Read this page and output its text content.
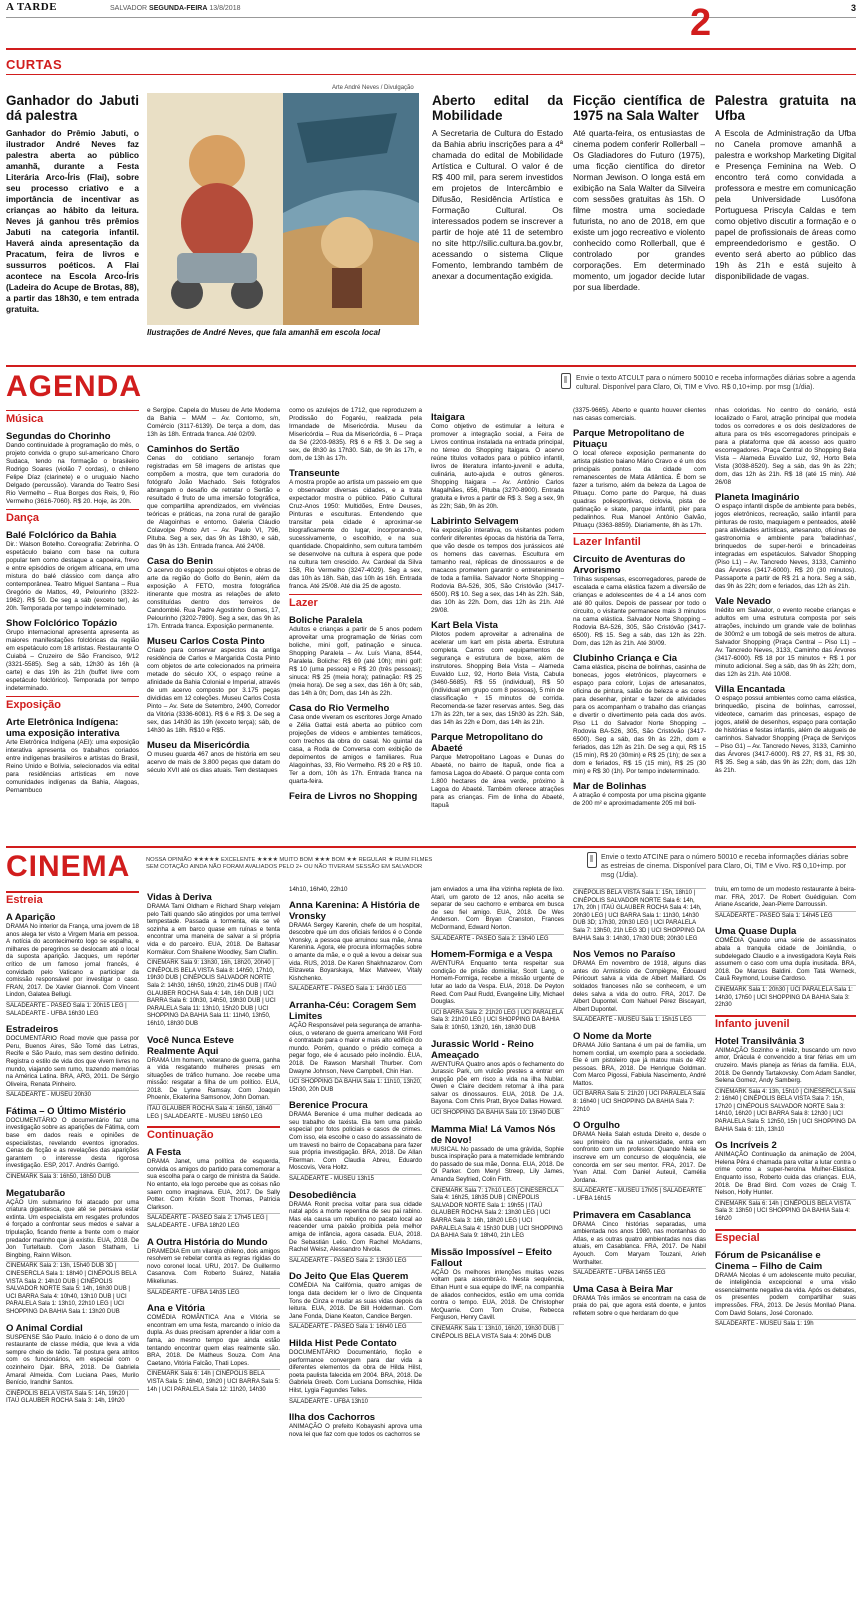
A TARDE	SALVADOR SEGUNDA-FEIRA 13/8/2018	3
2
CURTAS
Ganhador do Jabuti dá palestra
Ganhador do Prêmio Jabuti, o ilustrador André Neves faz palestra aberta ao público amanhã, durante a Festa Literária Arco-Íris (Flai), sobre seu processo criativo e a importância de incentivar as crianças ao hábito da leitura. Neves já ganhou três prêmios Jabuti na categoria infantil. Haverá ainda apresentação da Pracatum, feira de livros e sussurros poéticos. A Flai acontece na Escola Arco-Íris (Ladeira do Acupe de Brotas, 88), a partir das 18h30, e tem entrada gratuita.
Arte André Neves / Divulgação
Ilustrações de André Neves, que fala amanhã em escola local
Aberto edital da Mobilidade
A Secretaria de Cultura do Estado da Bahia abriu inscrições para a 4ª chamada do edital de Mobilidade Artística e Cultural. O valor é de R$ 400 mil, para serem investidos em projetos de Intercâmbio e Difusão, Residência Artística e Formação Cultural. Os interessados podem se inscrever a partir de hoje até 11 de setembro no site http://silic.cultura.ba.gov.br, acessando o sistema Clique Fomento, lembrando também de anexar a documentação exigida.
Ficção científica de 1975 na Sala Walter
Até quarta-feira, os entusiastas de cinema podem conferir Rollerball – Os Gladiadores do Futuro (1975), uma ficção científica do diretor Norman Jewison. O longa está em exibição na Sala Walter da Silveira com sessões gratuitas às 15h. O filme mostra uma sociedade futurista, no ano de 2018, em que existe um jogo recreativo e violento conhecido como Rollerball, que é controlado por grandes corporações. Em determinado momento, um jogador decide lutar por sua liberdade.
Palestra gratuita na Ufba
A Escola de Administração da Ufba no Canela promove amanhã a palestra e workshop Marketing Digital e Presença Feminina na Web. O encontro terá como convidada a professora e mestre em comunicação pela Universidade Lusófona Portuguesa Priscyla Caldas e tem como objetivo discutir a formação e o papel de profissionais de áreas como empreendedorismo e gestão. O evento será aberto ao público das 19h às 21h e está sujeito à disponibilidade de vagas.
AGENDA	Envie o texto ATCULT para o número 50010 e receba informações diárias sobre a agenda cultural. Disponível para Claro, Oi, TIM e Vivo. R$ 0,10+imp. por msg (1/dia).
Música
Segundas do Chorinho
Dando continuidade à programação do mês, o projeto convida o grupo sul-americano Choro Sudaca, tendo na formação o brasileiro Rodrigo Soares (violão 7 cordas), o chileno Felipe Díaz (clarinete) e o uruguaio Nacho Delgado (percussão). Varanda do Teatro Sesi Rio Vermelho – Rua Borges dos Reis, 9, Rio Vermelho (3616-7060). R$ 20. Hoje, às 20h.
Dança
Balé Folclórico da Bahia
Dir.: Walson Botelho. Coreografia: Zebrinha. O espetáculo baiano com base na cultura popular tem como destaque a capoeira, frevo e entre episódios de origem africana, em uma mistura do balé clássico com dança afro contemporânea. Teatro Miguel Santana – Rua Gregório de Mattos, 49, Pelourinho (3322-1962). R$ 50. De seg a sáb (exceto ter), às 20h. Temporada por tempo indeterminado.
Show Folclórico Topázio
Grupo internacional apresenta apresenta as maiores manifestações folclóricas da região em espetáculo com 18 artistas. Restaurante O Cuiabá – Cruzeiro de São Francisco, 9/12 (3321-5585). Seg a sáb, 12h30 às 16h (à carte) e das 19h às 21h (buffet livre com espetáculo folclórico). Temporada por tempo indeterminado.
Exposição
Arte Eletrônica Indígena: uma exposição interativa
Arte Eletrônica Indígena (AEI): uma exposição interativa apresenta os trabalhos coriados entre indígenas brasileiros e artistas do Brasil, Reino Unido e Bolívia, selecionados via edital para residências artísticas em nove comunidades indígenas da Bahia, Alagoas, Pernambuco
e Sergipe. Capela do Museu de Arte Moderna da Bahia – MAM – Av. Contorno, s/n, Comércio (3117-6139). De terça a dom, das 13h às 18h. Entrada franca. Até 02/09.
Caminhos do Sertão
Cenas do cotidiano sertanejo foram registradas em 58 imagens de artistas que compõem a mostra, que tem curadoria do fotógrafo João Machado. Seis fotógrafos abrangam o desafio de retratar o Sertão e resultado é fruto de uma imersão fotográfica, que compartilha aprendizados, em vivências teóricas e práticas, na zona rural de garajão de Alagoinhas e entorno. Galeria Cláudio Colavolpe Photo Art – Av. Paulo VI, 796, Pituba. Seg a sex, das 9h às 18h30, e sáb, das 9h às 13h. Entrada franca. Até 24/08.
Casa do Benin
O acervo do espaço possui objetos e obras de arte da região do Golfo do Benin, além da exposição A FETO, mostra fotográfica itinerante que mostra as relações de afeto constituídas dentro dos terreiros de Candomblé. Rua Padre Agostinho Gomes, 17, Pelourinho (3202-7890). Seg a sex, das 9h às 17h. Entrada franca. Exposição permanente.
Museu Carlos Costa Pinto
Criado para conservar aspectos da antiga residência de Carlos e Margarida Costa Pinto com objetos de arte colecionados na primeira metade do século XX, o espaço reúne a afinidade da Bahia Colonial e Imperial, através de um acervo composto por 3.175 peças divididas em 12 coleções. Museu Carlos Costa Pinto – Av. Sete de Setembro, 2490, Corredor da Vitória (3336-6081). R$ 6 e R$ 3. De seg a sex, das 14h30 às 19h (exceto terça); sáb, de 14h30 às 18h. R$10 e R$5.
Museu da Misericórdia
O museu guarda 467 anos de história em seu acervo de mais de 3.800 peças que datam do século XVII até os dias atuais. Tem destaques
como os azulejos de 1712, que reproduzem a Prodissão do Fogaréu, realizada pela Irmandade de Misericórdia. Museu da Misericórdia – Rua da Misericórdia, 6 – Praça da Sé (2203-9835). R$ 6 e R$ 3. De seg a sex, de 8h30 às 17h30. Sáb, de 9h às 17h, e dom, de 13h às 17h.
Transeunte
A mostra propõe ao artista um passeio em que o observador diversas cidades, e a trata expectador mostra o público. Pátio Cultural Cruz-Anos 1950: Multidões, Entre Deuses, Pinturas e esculturas. Entendendo que transitar pela cidade é aproximar-se biograficamente do lugar, incorporando-o, sucessivamente, o escolhido, e na sua quantidade. Chopaldinho, sem cultura também se desenvolve na cultura à espera que pode na cultura tem crescido. Av. Cardeal da Silva 158, Rio Vermelho (3247-4029). Seg a sex, das 10h às 18h. Sáb, das 10h às 16h. Entrada franca. Até 25/08. Até dia 25 de agosto.
Lazer
Boliche Paralela
Adultos e crianças a partir de 5 anos podem aproveitar uma programação de férias com boliche, mini golf, patinação e sinuca. Shopping Paralela – Av. Luís Viana, 8544, Paralela. Boliche: R$ 69 (até 10h); mini golf: R$ 10 (uma pessoa) e R$ 20 (três pessoas); sinuca: R$ 25 (meia hora); patinação: R$ 25 (meia hora). De seg a sex, das 16h à 0h; sáb, das 14h à 0h; Dom, das 14h às 22h.
Casa do Rio Vermelho
Casa onde viveram os escritores Jorge Amado e Zélia Gattai está aberta ao público com projeções de vídeos e ambientes temáticos, com trechos da obra do casal. No quintal da casa, a Roda de Conversa com exibição de depoimentos de amigos e familiares. Rua Alagoinhas, 33, Rio Vermelho. R$ 20 e R$ 10. Ter a dom, 10h às 17h. Entrada franca na quarta-feira.
Feira de Livros no Shopping
Itaigara
Como objetivo de estimular a leitura e promover a integração social, a Feira de Livros continua instalada na entrada principal, no térreo do Shopping Itaigara. O acervo reúne títulos voltados para o público infantil, livros de literatura infanto-juvenil e adulta, culinária, auto-ajuda e outros gêneros. Shopping Itaigara – Av. Antônio Carlos Magalhães, 656, Pituba (3270-8900). Entrada gratuita e livros a partir de R$ 3. Seg a sex, 9h às 22h; Sáb, 9h às 20h.
Labirinto Selvagem
Na exposição interativa, os visitantes podem conferir diferentes épocas da história da Terra, que vão desde os tempos dos jurássicos até os homens das cavernas. Escultura em tamanho real, réplicas de dinossauros e de macacos prometem garantir o entretenimento de toda a família. Salvador Norte Shopping – Rodovia BA-526, 305, São Cristóvão (3417-6500). R$ 10. Seg a sex, das 14h às 22h. Sáb, das 10h às 22h. Dom, das 12h às 21h. Até 29/08.
Kart Bela Vista
Pilotos podem aproveitar a adrenalina de acelerar um kart em pista aberta. Estrutura completa. Carros com equipamentos de segurança e estrutura de boxe, além de instrutores. Shopping Bela Vista – Alameda Euvaldo Luz, 92, Horto Bela Vista, Cabula (3460-5685). R$ 55 (individual), R$ 50 (individual em grupo com 8 pessoas), 5 min de classificação + 15 minutos de corrida. Recomenda-se fazer reservas antes. Seg, das 17h às 22h, ter a sex, das 15h30 às 22h. Sáb, das 14h às 22h e Dom, das 14h às 21h.
Parque Metropolitano do Abaeté
Parque Metropolitano Lagoas e Dunas do Abaeté, no bairro de Itapuã, onde fica a famosa Lagoa do Abaeté. O parque conta com 1.800 hectares de área verde, próximo à Lagoa do Abaeté. Também oferece atrações para as crianças. Fim de linha do Abaeté, Itapuã
(3375-9665). Aberto e quanto houver clientes nas casas comerciais.
Parque Metropolitano de Pituaçu
O local oferece exposição permanente do artista plástico baiano Mário Cravo e é um dos principais pontos da cidade com remanescentes de Mata Atlântica. É bom se fazer a turismo, além da beleza da Lagoa de Pituaçu. Como parte do Parque, há duas quadras poliesportivas, ciclovia, pista de patinação e skate, parque infantil, pier para pedalinhos. Rua Manoel Antônio Galvão, Pituaçu (3363-8859). Diariamente, 8h às 17h.
Lazer Infantil
Circuito de Aventuras do Arvorismo
Trilhas suspensas, escorregadores, parede de escalada e cama elástica fazem a diversão de crianças e adolescentes de 4 a 14 anos com até 80 quilos. Depois de passear por todo o circuito, o visitante permanece mais 3 minutos na cama elástica. Salvador Norte Shopping – Rodovia BA-526, 305, São Cristóvão (3417-6500). R$ 15. Seg a sáb, das 12h às 22h. Dom, das 12h às 21h. Até 30/09.
Clubinho Criança e Cia
Cama elástica, piscina de bolinhas, casinha de bonecas, jogos eletrônicos, playcorners e espaço para colorir, Lojas de artesanatos, oficina de pintura, salão de beleza e as cores para desenhar, pintar e fazer de atividades para os acompanham o trabalho das crianças e divertir o divertimento pela cada dos avós. Piso L1 do Salvador Norte Shopping – Rodovia BA-526, 305, São Cristóvão (3417-6500). Seg a sáb, das 9h às 22h, dom e feriados, das 12h às 21h. De seg a qui, R$ 15 (15 min), R$ 20 (30min) e R$ 25 (1h); de sex a dom e feriados, R$ 15 (15 min), R$ 25 (30 min) e R$ 30 (1h). Por tempo indeterminado.
Mar de Bolinhas
A atração é composta por uma piscina gigante de 200 m² e aproximadamente 205 mil boli-
nhas coloridas. No centro do cenário, está localizado o Farol, atração principal que modela todos os corredores e os dois deslizadores de altura para os três escorregadores principais e para a plataforma que dá acesso aos quatro escorregadores. Praça Central do Shopping Bela Vista – Alameda Euvaldo Luz, 92, Horto Bela Vista (3038-8520). Seg a sáb, das 9h às 22h; dom, das 12h às 21h. R$ 18 (até 15 min). Até 26/08
Planeta Imaginário
O espaço infantil dispõe de ambiente para bebês, jogos eletrônicos, recreação, salão infantil para pinturas de rosto, maquiagem e penteados, ateliê para atividades artísticas, artesanato, oficinas de gastronomia e ambiente para 'baladinhas', brinquedos de super-herói e brincadeiras integradas em espetáculos. Salvador Shopping (Piso L1) – Av. Tancredo Neves, 3133, Caminho das Árvores (3417-6000). R$ 20 (30 minutos). Passaporte a partir de R$ 21 a hora. Seg a sáb, das 9h às 22h; dom e feriados, das 12h às 21h.
Vale Nevado
Inédito em Salvador, o evento recebe crianças e adultos em uma estrutura composta por seis atrações, incluindo um grande vale de bolinhas de 300m2 e um tobogã de seis metros de altura. Salvador Shopping (Praça Central – Piso L1) – Av. Tancredo Neves, 3133, Caminho das Árvores (3417-6000). R$ 18 por 15 minutos + R$ 1 por minuto adicional. Seg a sáb, das 9h às 22h; dom, das 12h às 21h. Até 10/08.
Villa Encantada
O espaço possui ambientes como cama elástica, brinquedão, piscina de bolinhas, carrossel, videotece, camarim das princesas, espaço de jogos, ateliê de desenhos, espaço para contação de histórias e festas infantis, além de alugueis de carrinhos. Salvador Shopping (Praça de Serviços – Piso G1) – Av. Tancredo Neves, 3133, Caminho das Árvores (3417-6000). R$ 27, R$ 31, R$ 30, R$ 35. Seg a sáb, das 9h às 22h; dom, das 12h às 21h.
CINEMA	NOSSA OPINIÃO ★★★★★ EXCELENTE ★★★★ MUITO BOM ★★★ BOM ★★ REGULAR ★ RUIM FILMES SEM COTAÇÃO AINDA NÃO FORAM AVALIADOS PELO 2+ OU NÃO TIVERAM SESSÃO EM SALVADOR
Envie o texto ATCINE para o número 50010 e receba informações diárias sobre as estreias de cinema. Disponível para Claro, Oi, TIM e Vivo. R$ 0,10+imp. por msg (1/dia).
Estreia
A Aparição
DRAMA No interior da França, uma jovem de 18 anos alega ter visto a Virgem Maria em pessoa. A notícia do acontecimento logo se espalha, e milhares de peregrinos se deslocam até o local da suposta aparição. Jacques, um repórter crítico de um famoso jornal francês, é convidado pelo Vaticano a participar da comissão responsável por investigar o caso. FRAN, 2017. De Xavier Giannoli. Com Vincent Lindon, Galatea Bellugi.
SALADEARTE - PASEO Sala 1: 20h15 LEG | SALADEARTE - UFBA 16h30 LEG
Estradeiros
DOCUMENTÁRIO Road movie que passa por Peru, Buenos Aires, São Tomé das Letras, Recife e São Paulo, mas sem destino definido. Registra o estilo de vida dos que vivem livres no mundo, viajando sem rumo, trazendo memórias na América Latina. BRA, ARG, 2011. De Sérgio Oliveira, Renata Pinheiro.
SALADEARTE - MUSEU 20h30
Fátima – O Último Mistério
DOCUMENTÁRIO O documentário faz uma investigação sobre as aparições de Fátima, com base em dados reais e opiniões de especialistas, revelando eventos ignorados. Cenas de ficção e as revelações das aparições garantem o interesse desta rigorosa investigação. ESP, 2017. Andrés Garrigó.
CINEMARK Sala 3: 16h50, 18h50 DUB
Megatubarão
AÇÃO Um submarino foi atacado por uma criatura gigantesca, que até se pensava estar extinta. Um especialista em resgates profundos é forçado a confrontar seus medos e salvar a tripulação, ficando frente a frente com o maior predador marinho que já existiu. EUA, 2018. De Jon Turteltaub. Com Jason Statham, Li Bingbing, Rainn Wilson.
CINEMARK Sala 2: 13h, 15h40 DUB 3D | CINESERCLA Sala 1: 18h40 | CINÉPOLIS BELA VISTA Sala 2: 14h10 DUB | CINÉPOLIS SALVADOR NORTE Sala 5: 14h, 16h30 DUB | UCI BARRA Sala 4: 10h40, 13h10 DUB | UCI PARALELA Sala 1: 13h10, 22h10 LEG | UCI SHOPPING DA BAHIA Sala 1: 13h20 DUB
O Animal Cordial
SUSPENSE São Paulo. Inácio é o dono de um restaurante de classe média, que leva a vida sempre cheio de tédio. Tal postura gera atritos com os funcionários, em especial com o cozinheiro Djair. BRA, 2018. De Gabriela Amaral Almeida. Com Luciana Paes, Murilo Benício, Irandhir Santos.
CINÉPOLIS BELA VISTA Sala 5: 14h, 19h20 | ITAÚ GLAUBER ROCHA Sala 3: 14h, 19h20
Vidas à Deriva
DRAMA Tami Oldham e Richard Sharp velejam pelo Taiti quando são atingidos por uma terrível tempestade. Passada a tormenta, ela se vê sozinha a em barco quase em ruínas e tenta encontrar uma maneira de salvar a si própria vida e do parceiro. EUA, 2018. De Baltasar Kormákur. Com Shailene Woodley, Sam Claflin.
CINEMARK Sala 9: 13h30, 16h, 18h20, 20h40 | CINÉPOLIS BELA VISTA Sala 8: 14h50, 17h10, 19h30 DUB | CINÉPOLIS SALVADOR NORTE Sala 2: 14h30, 16h50, 19h20, 21h45 DUB | ITAÚ GLAUBER ROCHA Sala 4: 14h, 16h DUB | UCI BARRA Sala 6: 10h30, 14h50, 19h30 DUB | UCI PARALELA Sala 11: 13h10, 15h20 DUB | UCI SHOPPING DA BAHIA Sala 11: 11h40, 13h50, 16h10, 18h30 DUB
Você Nunca Esteve Realmente Aqui
DRAMA Um homem, veterano de guerra, ganha a vida resgatando mulheres presas em situações de tráfico humano. Joe recebe uma missão: resgatar a filha de um político. EUA, 2018. De Lynne Ramsay. Com Joaquin Phoenix, Ekaterina Samsonov, John Doman.
ITAÚ GLAUBER ROCHA Sala 4: 16h50, 18h40 LEG | SALADEARTE - MUSEU 18h50 LEG
Continuação
A Festa
DRAMA Janet, uma política de esquerda, convida os amigos do partido para comemorar a sua escolha para o cargo de ministra da Saúde. No entanto, ela logo percebe que as coisas não saem como imaginava. EUA, 2017. De Sally Potter. Com Kristin Scott Thomas, Patricia Clarkson.
SALADEARTE - PASEO Sala 2: 17h45 LEG | SALADEARTE - UFBA 18h20 LEG
A Outra História do Mundo
DRAMEDIA Em um vilarejo chileno, dois amigos resolvem se rebelar contra as regras rígidas do novo coronel local. URU, 2017. De Guillermo Casanova. Com Roberto Suárez, Natalia Mikeliunas.
SALADEARTE - UFBA 14h35 LEG
Ana e Vitória
COMÉDIA ROMÂNTICA Ana e Vitória se encontram em uma festa, marcando o início da dupla. As duas precisam aprender a lidar com a fama, ao mesmo tempo que ainda estão tentando encontrar quem elas realmente são. BRA, 2018. De Matheus Souza. Com Ana Caetano, Vitória Falcão, Thati Lopes.
CINEMARK Sala 6: 14h | CINÉPOLIS BELA VISTA Sala 5: 16h40, 19h20 | UCI BARRA Sala 5: 14h | UCI PARALELA Sala 12: 11h20, 14h30
14h10, 16h40, 22h10
Anna Karenina: A História de Vronsky
DRAMA Sergey Karenin, chefe de um hospital, descobre que um dos oficiais feridos é o Conde Vronsky, a pessoa que arruinou sua mãe, Anna Karenina. Agora, ele procura informações sobre o amante da mãe, e o quê a levou a deixar sua vida. RUS, 2018. De Karen Shakhnazarov. Com Elizaveta Boyarskaya, Max Matveev, Vitaly Kishchenko.
SALADEARTE - PASEO Sala 1: 14h30 LEG
Arranha-Céu: Coragem Sem Limites
AÇÃO Responsável pela segurança de arranha-céus, o veterano de guerra americano Will Ford é contratado para o maior e mais alto edifício do mundo. Porém, quando o prédio começa a pegar fogo, ele é acusado pelo incêndio. EUA, 2018. De Rawson Marshall Thurber. Com Dwayne Johnson, Neve Campbell, Chin Han.
UCI SHOPPING DA BAHIA Sala 1: 11h10, 13h20, 15h30, 20h DUB
Berenice Procura
DRAMA Berenice é uma mulher dedicada ao seu trabalho de taxista. Ela tem uma paixão especial por fotos policiais e casos de crimes. Com isso, ela escolhe o caso do assassinato de um travesti no bairro de Copacabana para fazer sua própria investigação. BRA, 2018. De Allan Fiterman. Com Claudia Abreu, Eduardo Moscovis, Vera Holtz.
SALADEARTE - MUSEU 13h15
Desobediência
DRAMA Ronit precisa voltar para sua cidade natal após a morte repentina de seu pai rabino. Mas ela causa um rebuliço no pacato local ao reacender uma paixão proibida pela melhor amiga de infância, agora casada. EUA, 2018. De Sebastián Lelio. Com Rachel McAdams, Rachel Weisz, Alessandro Nivola.
SALADEARTE - PASEO Sala 2: 13h30 LEG
Do Jeito Que Elas Querem
COMÉDIA Na Califórnia, quatro amigas de longa data decidem ler o livro de Cinquenta Tons de Cinza e mudar as suas vidas depois da leitura. EUA, 2018. De Bill Holderman. Com Jane Fonda, Diane Keaton, Candice Bergen.
SALADEARTE - PASEO Sala 1: 16h40 LEG
Hilda Hist Pede Contato
DOCUMENTÁRIO Documentário, ficção e performance convergem para dar vida a diferentes elementos da obra de Hilda Hilst, poeta paulista falecida em 2004. BRA, 2018. De Gabriela Greeb. Com Luciana Domschke, Hilda Hilst, Lygia Fagundes Telles.
SALADEARTE - UFBA 13h10
Ilha dos Cachorros
ANIMAÇÃO O prefeito Kobayashi aprova uma nova lei que faz com que todos os cachorros se
jam enviados a uma ilha vizinha repleta de lixo. Atari, um garoto de 12 anos, não aceita se separar de seu cachorro e embarca em busca de seu fiel amigo. EUA, 2018. De Wes Anderson. Com Bryan Cranston, Frances McDormand, Edward Norton.
SALADEARTE - PASEO Sala 2: 13h40 LEG
Homem-Formiga e a Vespa
AVENTURA Enquanto tenta respeitar sua condição de prisão domiciliar, Scott Lang, o Homem-Formiga, recebe a missão urgente de lutar ao lado da Vespa. EUA, 2018. De Peyton Reed. Com Paul Rudd, Evangeline Lilly, Michael Douglas.
UCI BARRA Sala 2: 21h20 LEG | UCI PARALELA Sala 3: 21h20 LEG | UCI SHOPPING DA BAHIA Sala 8: 10h50, 13h20, 16h, 18h30 DUB
Jurassic World - Reino Ameaçado
AVENTURA Quatro anos após o fechamento do Jurassic Park, um vulcão prestes a entrar em erupção põe em risco a vida na ilha Nublar. Owen e Claire decidem retornar à ilha para salvar os dinossauros. EUA, 2018. De J.A. Bayona. Com Chris Pratt, Bryce Dallas Howard.
UCI SHOPPING DA BAHIA Sala 10: 13h40 DUB
Mamma Mia! Lá Vamos Nós de Novo!
MUSICAL No passado de uma grávida, Sophie busca inspiração para a maternidade lembrando do passado de sua mãe, Donna. EUA, 2018. De Ol Parker. Com Meryl Streep, Lily James, Amanda Seyfried, Colin Firth.
CINEMARK Sala 7: 17h10 LEG | CINESERCLA Sala 4: 16h25, 18h35 DUB | CINÉPOLIS SALVADOR NORTE Sala 1: 19h55 | ITAÚ GLAUBER ROCHA Sala 2: 13h30 LEG | UCI BARRA Sala 3: 16h, 18h20 LEG | UCI PARALELA Sala 4: 15h30 DUB | UCI SHOPPING DA BAHIA Sala 9: 18h40, 21h LEG
Missão Impossível – Efeito Fallout
AÇÃO Os melhores intenções muitas vezes voltam para assombrá-lo. Nesta sequência, Ethan Hunt e sua equipe do IMF, na companhia de aliados conhecidos, estão em uma corrida contra o tempo. EUA, 2018. De Christopher McQuarrie. Com Tom Cruise, Rebecca Ferguson, Henry Cavill.
CINEMARK Sala 1: 13h10, 16h20, 19h30 DUB | CINÉPOLIS BELA VISTA Sala 4: 20h45 DUB
CINÉPOLIS BELA VISTA Sala 1: 15h, 18h10 | CINÉPOLIS SALVADOR NORTE Sala 6: 14h, 17h, 20h | ITAÚ GLAUBER ROCHA Sala 4: 14h, 20h30 LEG | UCI BARRA Sala 1: 11h30, 14h30 DUB 3D; 17h30, 20h30 LEG | UCI PARALELA Sala 7: 13h50, 21h LEG 3D | UCI SHOPPING DA BAHIA Sala 3: 14h30, 17h30 DUB; 20h30 LEG
Nos Vemos no Paraíso
DRAMA Em novembro de 1918, alguns dias antes do Armistício de Compiègne, Édouard Péricourt salva a vida de Albert Maillard. Os soldados franceses não se conhecem, e um deles salva a vida do outro. FRA, 2017. De Albert Dupontel. Com Nahuel Pérez Biscayart, Albert Dupontel.
SALADEARTE - MUSEU Sala 1: 15h15 LEG
O Nome da Morte
DRAMA Júlio Santana é um pai de família, um homem cordial, um exemplo para a sociedade. Ele é um pistoleiro que já matou mais de 492 pessoas. BRA, 2018. De Henrique Goldman. Com Marco Pigossi, Fabiula Nascimento, André Mattos.
UCI BARRA Sala 5: 21h20 | UCI PARALELA Sala 8: 16h40 | UCI SHOPPING DA BAHIA Sala 7: 22h10
O Orgulho
DRAMA Neila Salah estuda Direito e, desde o seu primeiro dia na universidade, entra em confronto com um professor. Quando Neila se inscreve em um concurso de eloquência, ele concorda em ser seu mentor. FRA, 2017. De Yvan Attal. Com Daniel Auteuil, Camélia Jordana.
SALADEARTE - MUSEU 17h05 | SALADEARTE - UFBA 16h15
Primavera em Casablanca
DRAMA Cinco histórias separadas, uma ambientada nos anos 1980, nas montanhas do Atlas, e as outras quatro ambientadas nos dias atuais, em Casablanca. FRA, 2017. De Nabil Ayouch. Com Maryam Touzani, Arieh Worthalter.
SALADEARTE - UFBA 14h55 LEG
Uma Casa à Beira Mar
DRAMA Três irmãos se encontram na casa de praia do pai, que agora está doente, e juntos refletem sobre o que herdaram do que
truiu, em torno de um modesto restaurante à beira-mar. FRA, 2017. De Robert Guédiguian. Com Ariane Ascaride, Jean-Pierre Darroussin.
SALADEARTE - PASEO Sala 1: 14h45 LEG
Uma Quase Dupla
COMÉDIA Quando uma série de assassinatos abala a tranquila cidade de Joinlândia, o subdelegado Claudio e a investigadora Keyla Reis assumem o caso com uma dupla inusitada. BRA, 2018. De Marcus Baldini. Com Tatá Werneck, Cauã Reymond, Louise Cardoso.
CINEMARK Sala 1: 20h30 | UCI PARALELA Sala 1: 14h30, 17h50 | UCI SHOPPING DA BAHIA Sala 3: 22h30
Infanto juvenil
Hotel Transilvânia 3
ANIMAÇÃO Sozinho e infeliz, buscando um novo amor, Drácula é convencido a tirar férias em um cruzeiro. Mavis planeja as férias da família. EUA, 2018. De Genndy Tartakovsky. Com Adam Sandler, Selena Gomez, Andy Samberg.
CINEMARK Sala 4: 13h, 15h10 | CINESERCLA Sala 2: 16h40 | CINÉPOLIS BELA VISTA Sala 7: 15h, 17h20 | CINÉPOLIS SALVADOR NORTE Sala 3: 14h10, 16h20 | UCI BARRA Sala 8: 12h30 | UCI PARALELA Sala 5: 12h50, 15h | UCI SHOPPING DA BAHIA Sala 6: 11h, 13h10
Os Incríveis 2
ANIMAÇÃO Continuação da animação de 2004, Helena Pêra é chamada para voltar a lutar contra o crime como a super-heroína Mulher-Elástica. Enquanto isso, Roberto cuida das crianças. EUA, 2018. De Brad Bird. Com vozes de Craig T. Nelson, Holly Hunter.
CINEMARK Sala 6: 14h | CINÉPOLIS BELA VISTA Sala 3: 13h50 | UCI SHOPPING DA BAHIA Sala 4: 16h20
Especial
Fórum de Psicanálise e Cinema – Filho de Caim
DRAMA Nicolas é um adolescente muito peculiar, de inteligência excepcional e uma visão essencialmente negativa da vida. Após os debates, os presentes podem compartilhar suas impressões. FRA, 2013. De Jesús Monllaó Plana. Com David Solans, José Coronado.
SALADEARTE - MUSEU Sala 1: 19h
